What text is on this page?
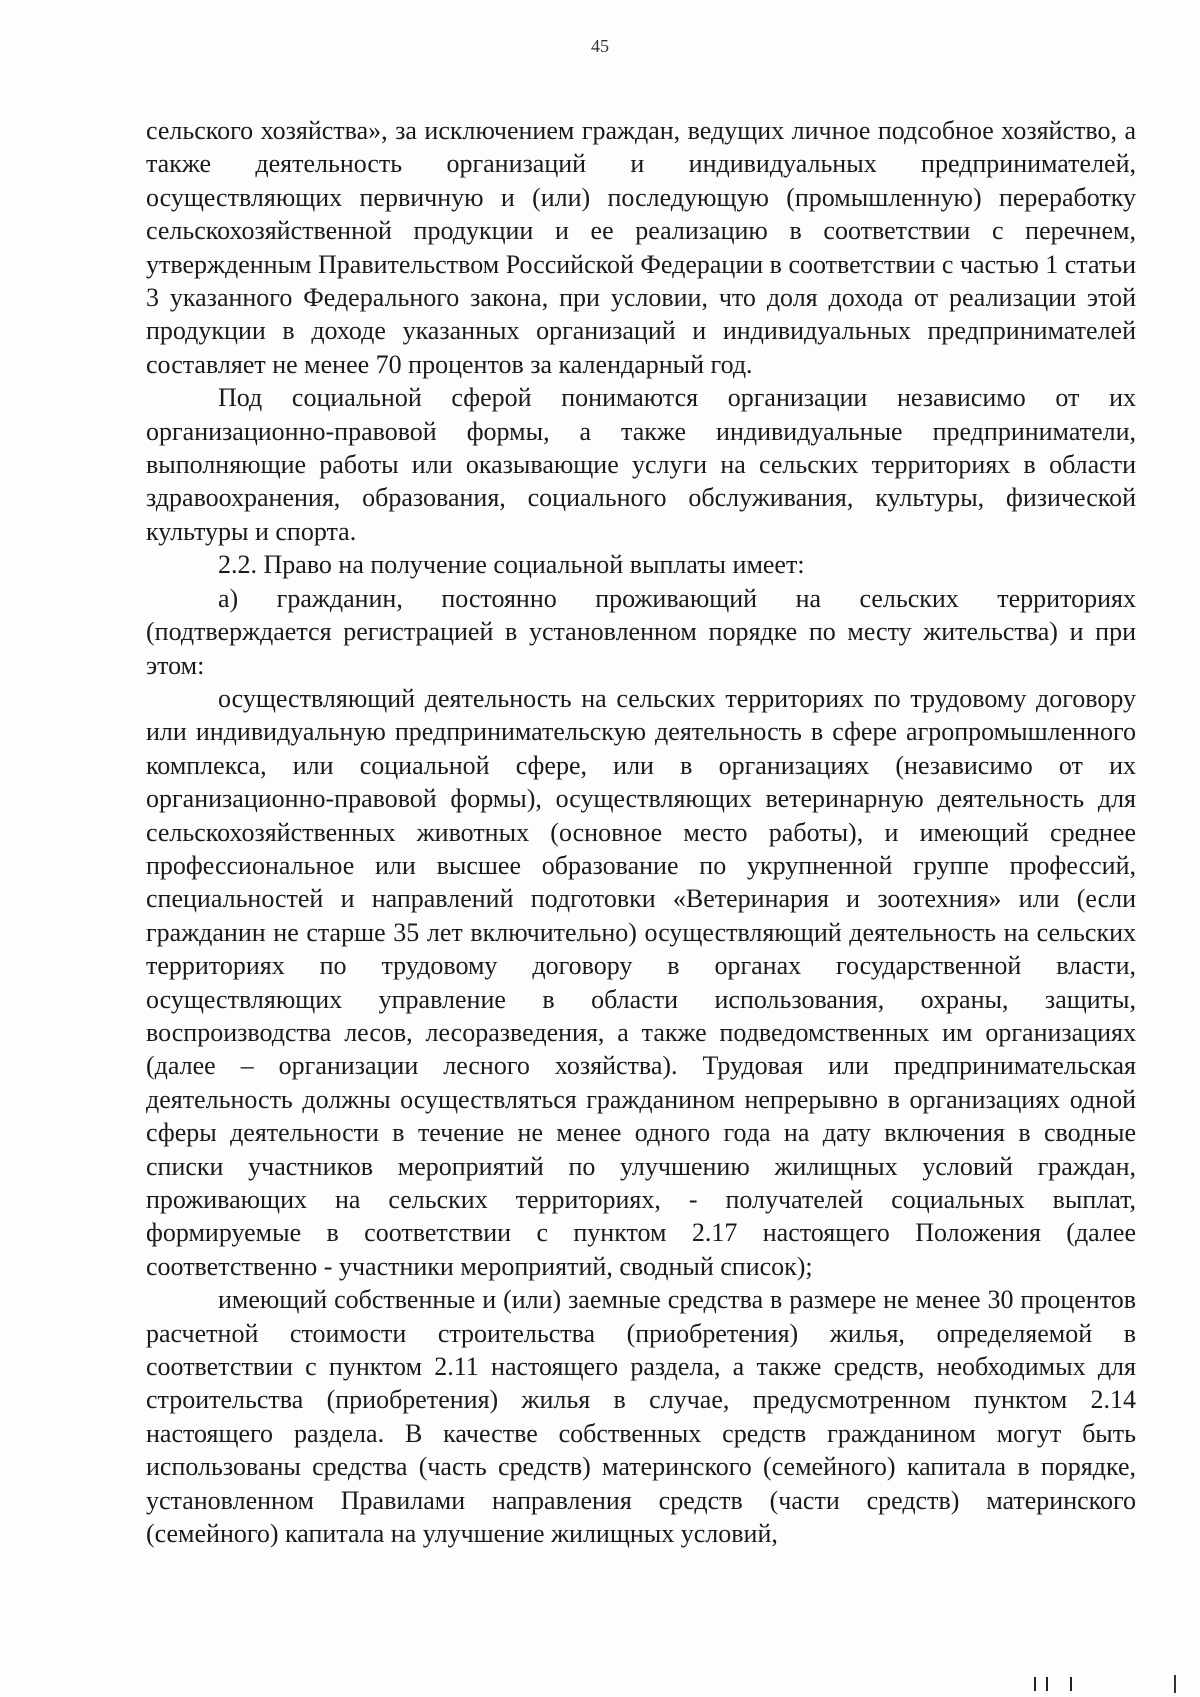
45

сельского хозяйства», за исключением граждан, ведущих личное подсобное хозяйство, а также деятельность организаций и индивидуальных предпринимателей, осуществляющих первичную и (или) последующую (промышленную) переработку сельскохозяйственной продукции и ее реализацию в соответствии с перечнем, утвержденным Правительством Российской Федерации в соответствии с частью 1 статьи 3 указанного Федерального закона, при условии, что доля дохода от реализации этой продукции в доходе указанных организаций и индивидуальных предпринимателей составляет не менее 70 процентов за календарный год.

Под социальной сферой понимаются организации независимо от их организационно-правовой формы, а также индивидуальные предприниматели, выполняющие работы или оказывающие услуги на сельских территориях в области здравоохранения, образования, социального обслуживания, культуры, физической культуры и спорта.

2.2. Право на получение социальной выплаты имеет:

а) гражданин, постоянно проживающий на сельских территориях (подтверждается регистрацией в установленном порядке по месту жительства) и при этом:

осуществляющий деятельность на сельских территориях по трудовому договору или индивидуальную предпринимательскую деятельность в сфере агропромышленного комплекса, или социальной сфере, или в организациях (независимо от их организационно-правовой формы), осуществляющих ветеринарную деятельность для сельскохозяйственных животных (основное место работы), и имеющий среднее профессиональное или высшее образование по укрупненной группе профессий, специальностей и направлений подготовки «Ветеринария и зоотехния» или (если гражданин не старше 35 лет включительно) осуществляющий деятельность на сельских территориях по трудовому договору в органах государственной власти, осуществляющих управление в области использования, охраны, защиты, воспроизводства лесов, лесоразведения, а также подведомственных им организациях (далее – организации лесного хозяйства). Трудовая или предпринимательская деятельность должны осуществляться гражданином непрерывно в организациях одной сферы деятельности в течение не менее одного года на дату включения в сводные списки участников мероприятий по улучшению жилищных условий граждан, проживающих на сельских территориях, - получателей социальных выплат, формируемые в соответствии с пунктом 2.17 настоящего Положения (далее соответственно - участники мероприятий, сводный список);

имеющий собственные и (или) заемные средства в размере не менее 30 процентов расчетной стоимости строительства (приобретения) жилья, определяемой в соответствии с пунктом 2.11 настоящего раздела, а также средств, необходимых для строительства (приобретения) жилья в случае, предусмотренном пунктом 2.14 настоящего раздела. В качестве собственных средств гражданином могут быть использованы средства (часть средств) материнского (семейного) капитала в порядке, установленном Правилами направления средств (части средств) материнского (семейного) капитала на улучшение жилищных условий,
